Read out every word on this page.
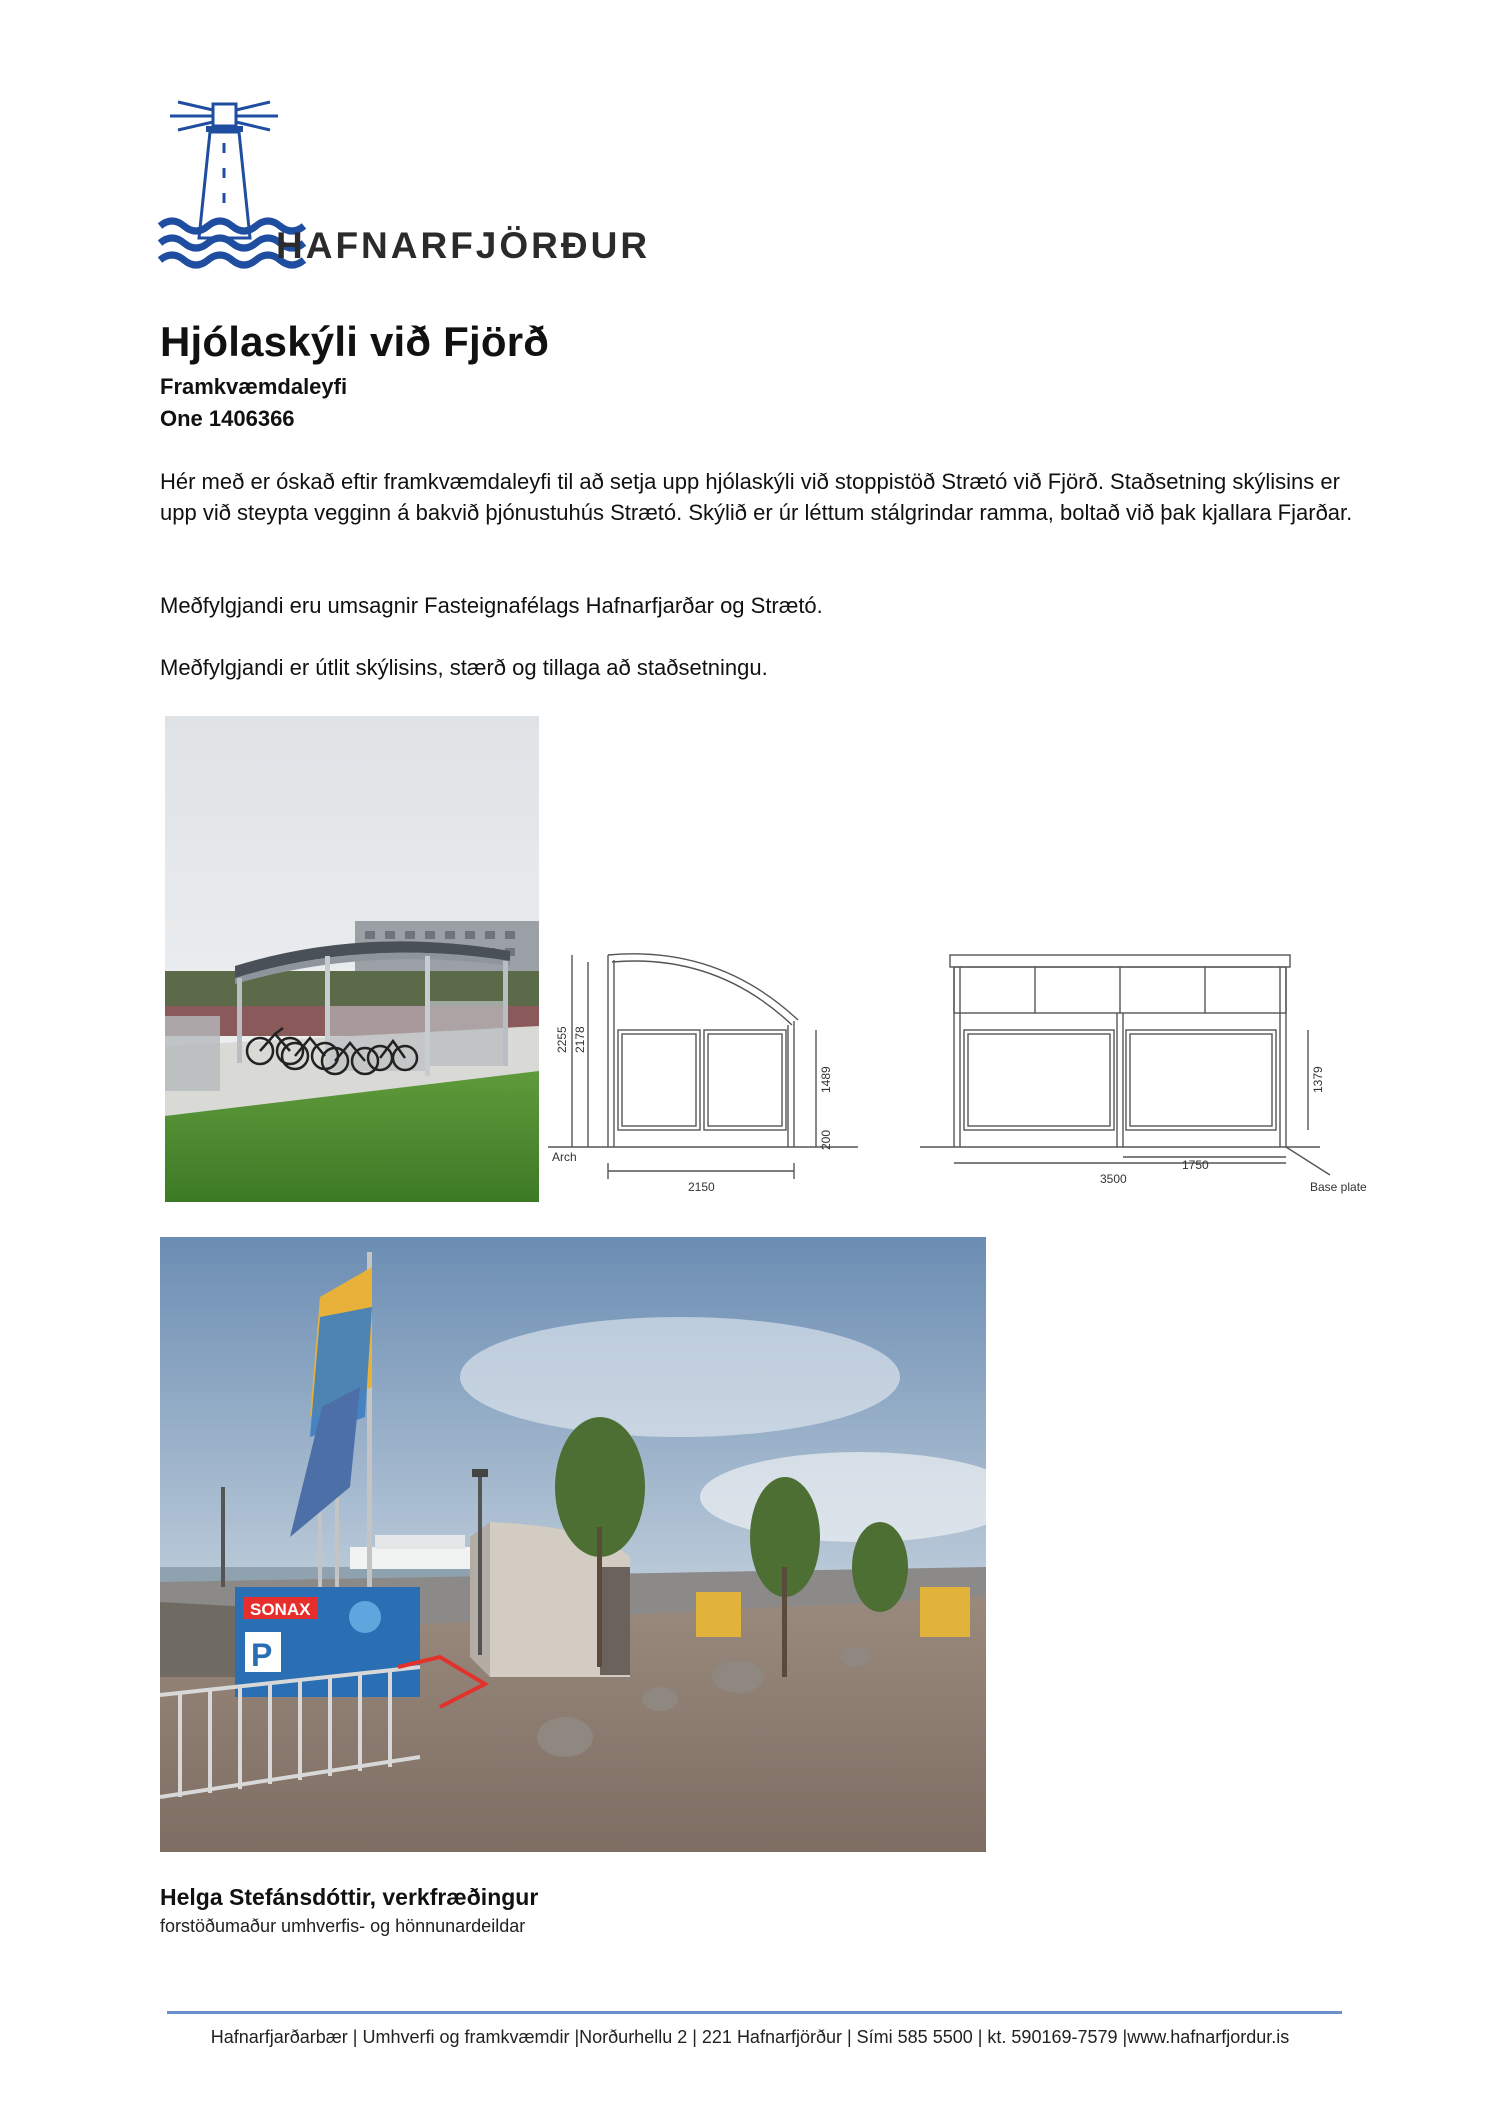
HAFNARFJÖRÐUR
Hjólaskýli við Fjörð
Framkvæmdaleyfi
One 1406366
Hér með er óskað eftir framkvæmdaleyfi til að setja upp hjólaskýli við stoppistöð Strætó við Fjörð. Staðsetning skýlisins er upp við steypta vegginn á bakvið þjónustuhús Strætó. Skýlið er úr léttum stálgrindar ramma, boltað við þak kjallara Fjarðar.
Meðfylgjandi eru umsagnir Fasteignafélags Hafnarfjarðar og Strætó.
Meðfylgjandi er útlit skýlisins, stærð og tillaga að staðsetningu.
2255 2178
1489
200
2150
Arch
1379
3500
1750
Base plate
SONAX
P
Helga Stefánsdóttir, verkfræðingur
forstöðumaður umhverfis- og hönnunardeildar
Hafnarfjarðarbær | Umhverfi og framkvæmdir |Norðurhellu 2 | 221 Hafnarfjörður | Sími 585 5500 | kt. 590169-7579 |www.hafnarfjordur.is
